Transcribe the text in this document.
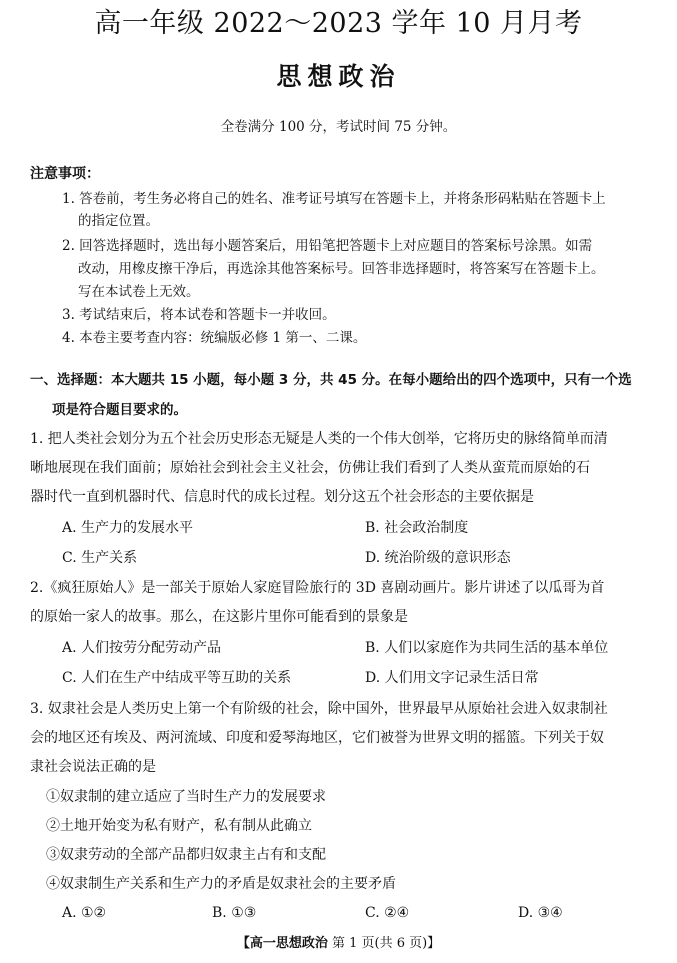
高一年级 2022～2023 学年 10 月月考
思想政治
全卷满分 100 分，考试时间 75 分钟。
注意事项：
1. 答卷前，考生务必将自己的姓名、准考证号填写在答题卡上，并将条形码粘贴在答题卡上
的指定位置。
2. 回答选择题时，选出每小题答案后，用铅笔把答题卡上对应题目的答案标号涂黑。如需
改动，用橡皮擦干净后，再选涂其他答案标号。回答非选择题时，将答案写在答题卡上。
写在本试卷上无效。
3. 考试结束后，将本试卷和答题卡一并收回。
4. 本卷主要考查内容：统编版必修 1 第一、二课。
一、选择题：本大题共 15 小题，每小题 3 分，共 45 分。在每小题给出的四个选项中，只有一个选
项是符合题目要求的。
1. 把人类社会划分为五个社会历史形态无疑是人类的一个伟大创举，它将历史的脉络简单而清
晰地展现在我们面前；原始社会到社会主义社会，仿佛让我们看到了人类从蛮荒而原始的石
器时代一直到机器时代、信息时代的成长过程。划分这五个社会形态的主要依据是
A. 生产力的发展水平	B. 社会政治制度
C. 生产关系	D. 统治阶级的意识形态
2.《疯狂原始人》是一部关于原始人家庭冒险旅行的 3D 喜剧动画片。影片讲述了以瓜哥为首
的原始一家人的故事。那么，在这影片里你可能看到的景象是
A. 人们按劳分配劳动产品	B. 人们以家庭作为共同生活的基本单位
C. 人们在生产中结成平等互助的关系	D. 人们用文字记录生活日常
3. 奴隶社会是人类历史上第一个有阶级的社会，除中国外，世界最早从原始社会进入奴隶制社
会的地区还有埃及、两河流域、印度和爱琴海地区，它们被誉为世界文明的摇篮。下列关于奴
隶社会说法正确的是
①奴隶制的建立适应了当时生产力的发展要求
②土地开始变为私有财产，私有制从此确立
③奴隶劳动的全部产品都归奴隶主占有和支配
④奴隶制生产关系和生产力的矛盾是奴隶社会的主要矛盾
A. ①②	B. ①③	C. ②④	D. ③④
【高一思想政治 第 1 页(共 6 页)】
